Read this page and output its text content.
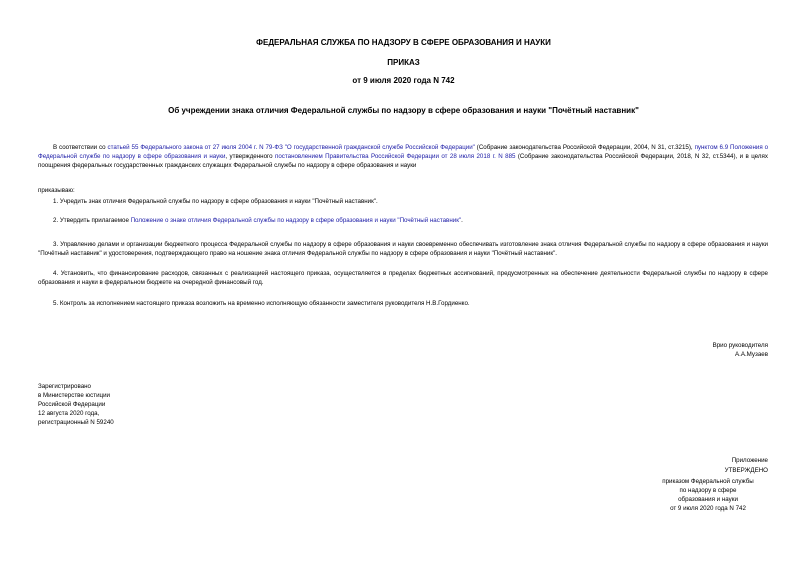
ФЕДЕРАЛЬНАЯ СЛУЖБА ПО НАДЗОРУ В СФЕРЕ ОБРАЗОВАНИЯ И НАУКИ
ПРИКАЗ
от 9 июля 2020 года N 742
Об учреждении знака отличия Федеральной службы по надзору в сфере образования и науки "Почётный наставник"
В соответствии со статьей 55 Федерального закона от 27 июля 2004 г. N 79-ФЗ "О государственной гражданской службе Российской Федерации" (Собрание законодательства Российской Федерации, 2004, N 31, ст.3215), пунктом 6.9 Положения о Федеральной службе по надзору в сфере образования и науки, утвержденного постановлением Правительства Российской Федерации от 28 июля 2018 г. N 885 (Собрание законодательства Российской Федерации, 2018, N 32, ст.5344), и в целях поощрения федеральных государственных гражданских служащих Федеральной службы по надзору в сфере образования и науки
приказываю:
1. Учредить знак отличия Федеральной службы по надзору в сфере образования и науки "Почётный наставник".
2. Утвердить прилагаемое Положение о знаке отличия Федеральной службы по надзору в сфере образования и науки "Почётный наставник".
3. Управлению делами и организации бюджетного процесса Федеральной службы по надзору в сфере образования и науки своевременно обеспечивать изготовление знака отличия Федеральной службы по надзору в сфере образования и науки "Почётный наставник" и удостоверения, подтверждающего право на ношение знака отличия Федеральной службы по надзору в сфере образования и науки "Почётный наставник".
4. Установить, что финансирование расходов, связанных с реализацией настоящего приказа, осуществляется в пределах бюджетных ассигнований, предусмотренных на обеспечение деятельности Федеральной службы по надзору в сфере образования и науки в федеральном бюджете на очередной финансовый год.
5. Контроль за исполнением настоящего приказа возложить на временно исполняющую обязанности заместителя руководителя Н.В.Гордиенко.
Врио руководителя
А.А.Музаев
Зарегистрировано
в Министерстве юстиции
Российской Федерации
12 августа 2020 года,
регистрационный N 59240
Приложение
УТВЕРЖДЕНО
приказом Федеральной службы
по надзору в сфере
образования и науки
от 9 июля 2020 года N 742
